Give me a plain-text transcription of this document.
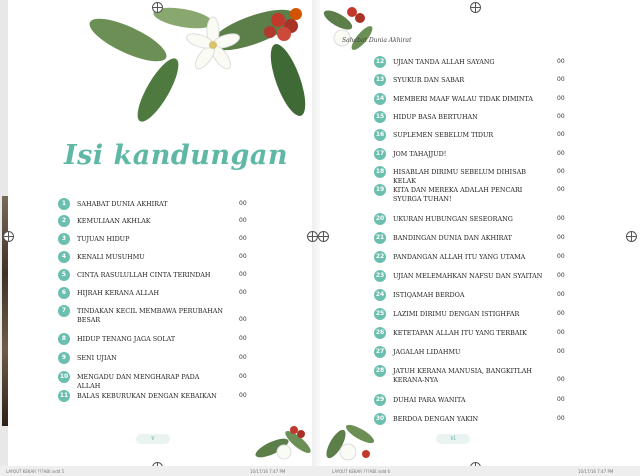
Isi kandungan
v
1	SAHABAT DUNIA AKHIRAT	00
2	KEMULIAAN AKHLAK	00
3	TUJUAN HIDUP	00
4	KENALI MUSUHMU	00
5	CINTA RASULULLAH CINTA TERINDAH	00
6	HIJRAH KERANA ALLAH	00
7	TINDAKAN KECIL MEMBAWA PERUBAHAN BESAR	00
8	HIDUP TENANG JAGA SOLAT	00
9	SENI UJIAN	00
10 MENGADU DAN MENGHARAP PADA ALLAH
00
11 BALAS KEBURUKAN DENGAN KEBAIKAN	00
vi
Sahabat Dunia Akhirat
12 UJIAN TANDA ALLAH SAYANG	00
13 SYUKUR DAN SABAR	00
14 MEMBERI MAAF WALAU TIDAK DIMINTA	00
15 HIDUP BASA BERTUHAN	00
16 SUPLEMEN SEBELUM TIDUR	00
17 JOM TAHAJJUD!	00
18 HISABLAH DIRIMU SEBELUM DIHISAB KELAK
00
19 KITA DAN MEREKA ADALAH PENCARI SYURGA TUHAN!
00
20 UKURAN HUBUNGAN SESEORANG	00
21 BANDINGAN DUNIA DAN AKHIRAT	00
22 PANDANGAN ALLAH ITU YANG UTAMA	00
23 UJIAN MELEMAHKAN NAFSU DAN SYAITAN	00
24 ISTIQAMAH BERDOA	00
25 LAZIMI DIRIMU DENGAN ISTIGHFAR	00
26 KETETAPAN ALLAH ITU YANG TERBAIK	00
27 JAGALAH LIDAHMU	00
28 JATUH KERANA MANUSIA, BANGKITLAH KERANA-NYA	00
29 DUHAI PARA WANITA	00
30 BERDOA DENGAN YAKIN	00
LAYOUT KEKAR ???ABI.indd 5	10/17/16 7:47 PM	LAYOUT KEKAR ???ABI.indd 6	10/17/16 7:47 PM
